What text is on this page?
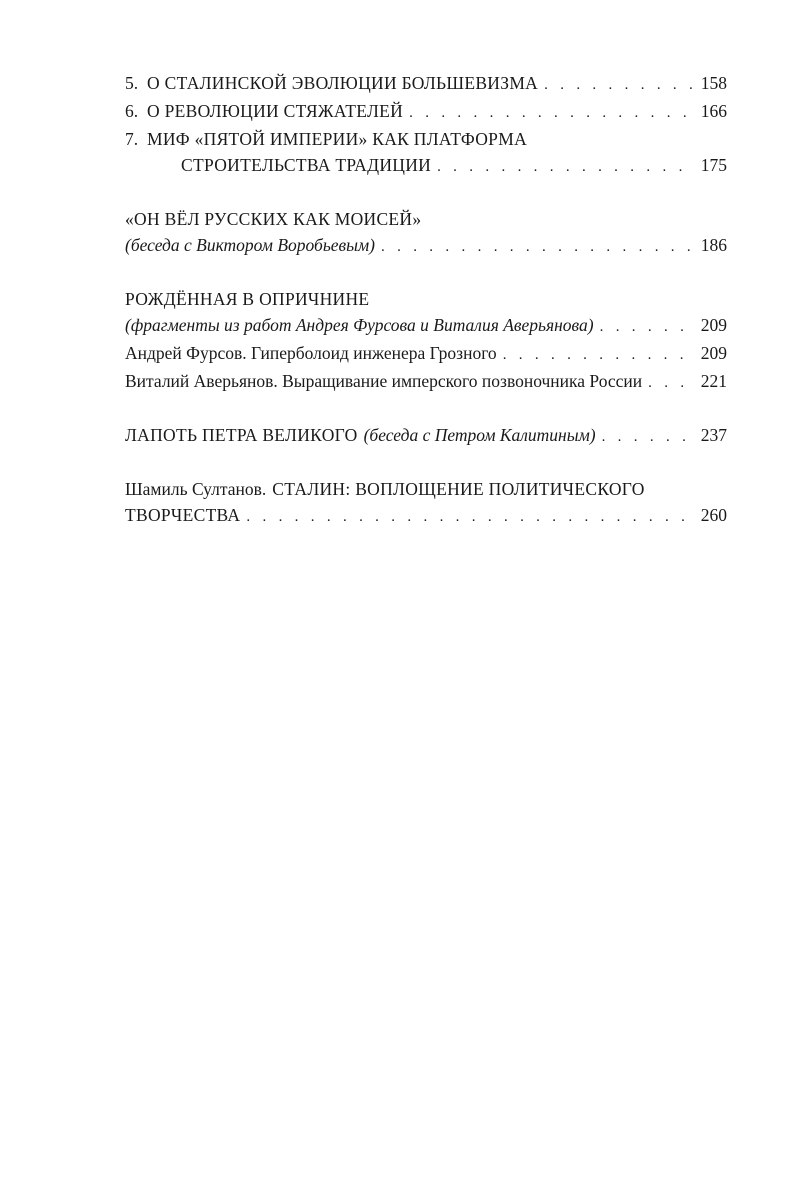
5. О СТАЛИНСКОЙ ЭВОЛЮЦИИ БОЛЬШЕВИЗМА . . .	158
6. О РЕВОЛЮЦИИ СТЯЖАТЕЛЕЙ . . .	166
7. МИФ «ПЯТОЙ ИМПЕРИИ» КАК ПЛАТФОРМА
СТРОИТЕЛЬСТВА ТРАДИЦИИ . . .	175
«ОН ВЁЛ РУССКИХ КАК МОИСЕЙ»
(беседа с Виктором Воробьевым) . . .	186
РОЖДЁННАЯ В ОПРИЧНИНЕ
(фрагменты из работ Андрея Фурсова и Виталия Аверьянова) . . .	209
Андрей Фурсов. Гиперболоид инженера Грозного . . .	209
Виталий Аверьянов. Выращивание имперского позвоночника России . . .	221
ЛАПОТЬ ПЕТРА ВЕЛИКОГО (беседа с Петром Калитиным) . . .	237
Шамиль Султанов. СТАЛИН: ВОПЛОЩЕНИЕ ПОЛИТИЧЕСКОГО
ТВОРЧЕСТВА . . .	260
